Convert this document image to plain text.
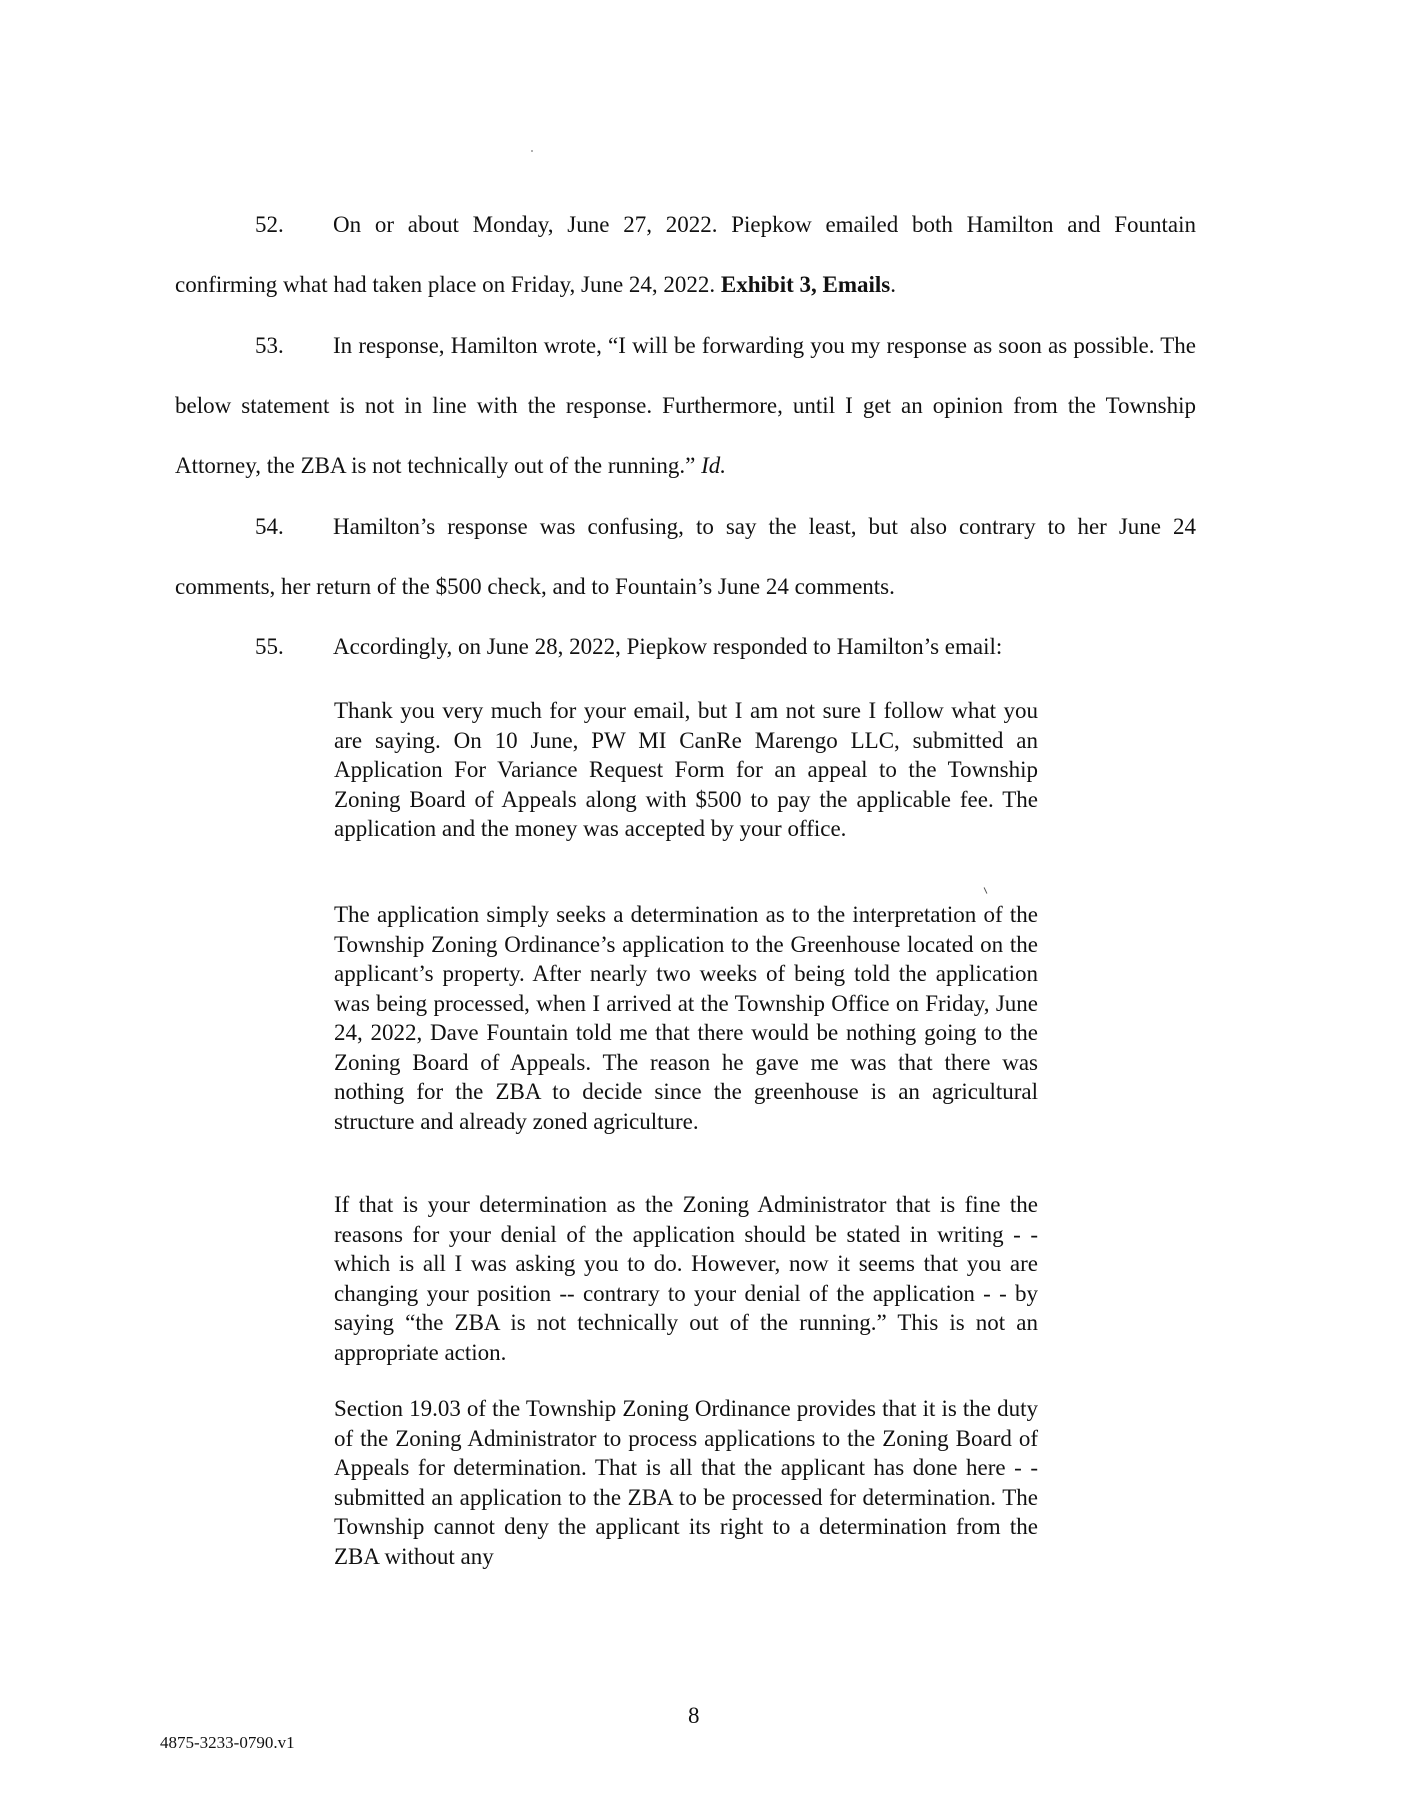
52. On or about Monday, June 27, 2022. Piepkow emailed both Hamilton and Fountain confirming what had taken place on Friday, June 24, 2022. Exhibit 3, Emails.

53. In response, Hamilton wrote, “I will be forwarding you my response as soon as possible. The below statement is not in line with the response. Furthermore, until I get an opinion from the Township Attorney, the ZBA is not technically out of the running.” Id.

54. Hamilton’s response was confusing, to say the least, but also contrary to her June 24 comments, her return of the $500 check, and to Fountain’s June 24 comments.

55. Accordingly, on June 28, 2022, Piepkow responded to Hamilton’s email:

Thank you very much for your email, but I am not sure I follow what you are saying. On 10 June, PW MI CanRe Marengo LLC, submitted an Application For Variance Request Form for an appeal to the Township Zoning Board of Appeals along with $500 to pay the applicable fee. The application and the money was accepted by your office.

The application simply seeks a determination as to the interpretation of the Township Zoning Ordinance’s application to the Greenhouse located on the applicant’s property. After nearly two weeks of being told the application was being processed, when I arrived at the Township Office on Friday, June 24, 2022, Dave Fountain told me that there would be nothing going to the Zoning Board of Appeals. The reason he gave me was that there was nothing for the ZBA to decide since the greenhouse is an agricultural structure and already zoned agriculture.

If that is your determination as the Zoning Administrator that is fine the reasons for your denial of the application should be stated in writing - - which is all I was asking you to do. However, now it seems that you are changing your position -- contrary to your denial of the application - - by saying “the ZBA is not technically out of the running.” This is not an appropriate action.

Section 19.03 of the Township Zoning Ordinance provides that it is the duty of the Zoning Administrator to process applications to the Zoning Board of Appeals for determination. That is all that the applicant has done here - - submitted an application to the ZBA to be processed for determination. The Township cannot deny the applicant its right to a determination from the ZBA without any

8
4875-3233-0790.v1
